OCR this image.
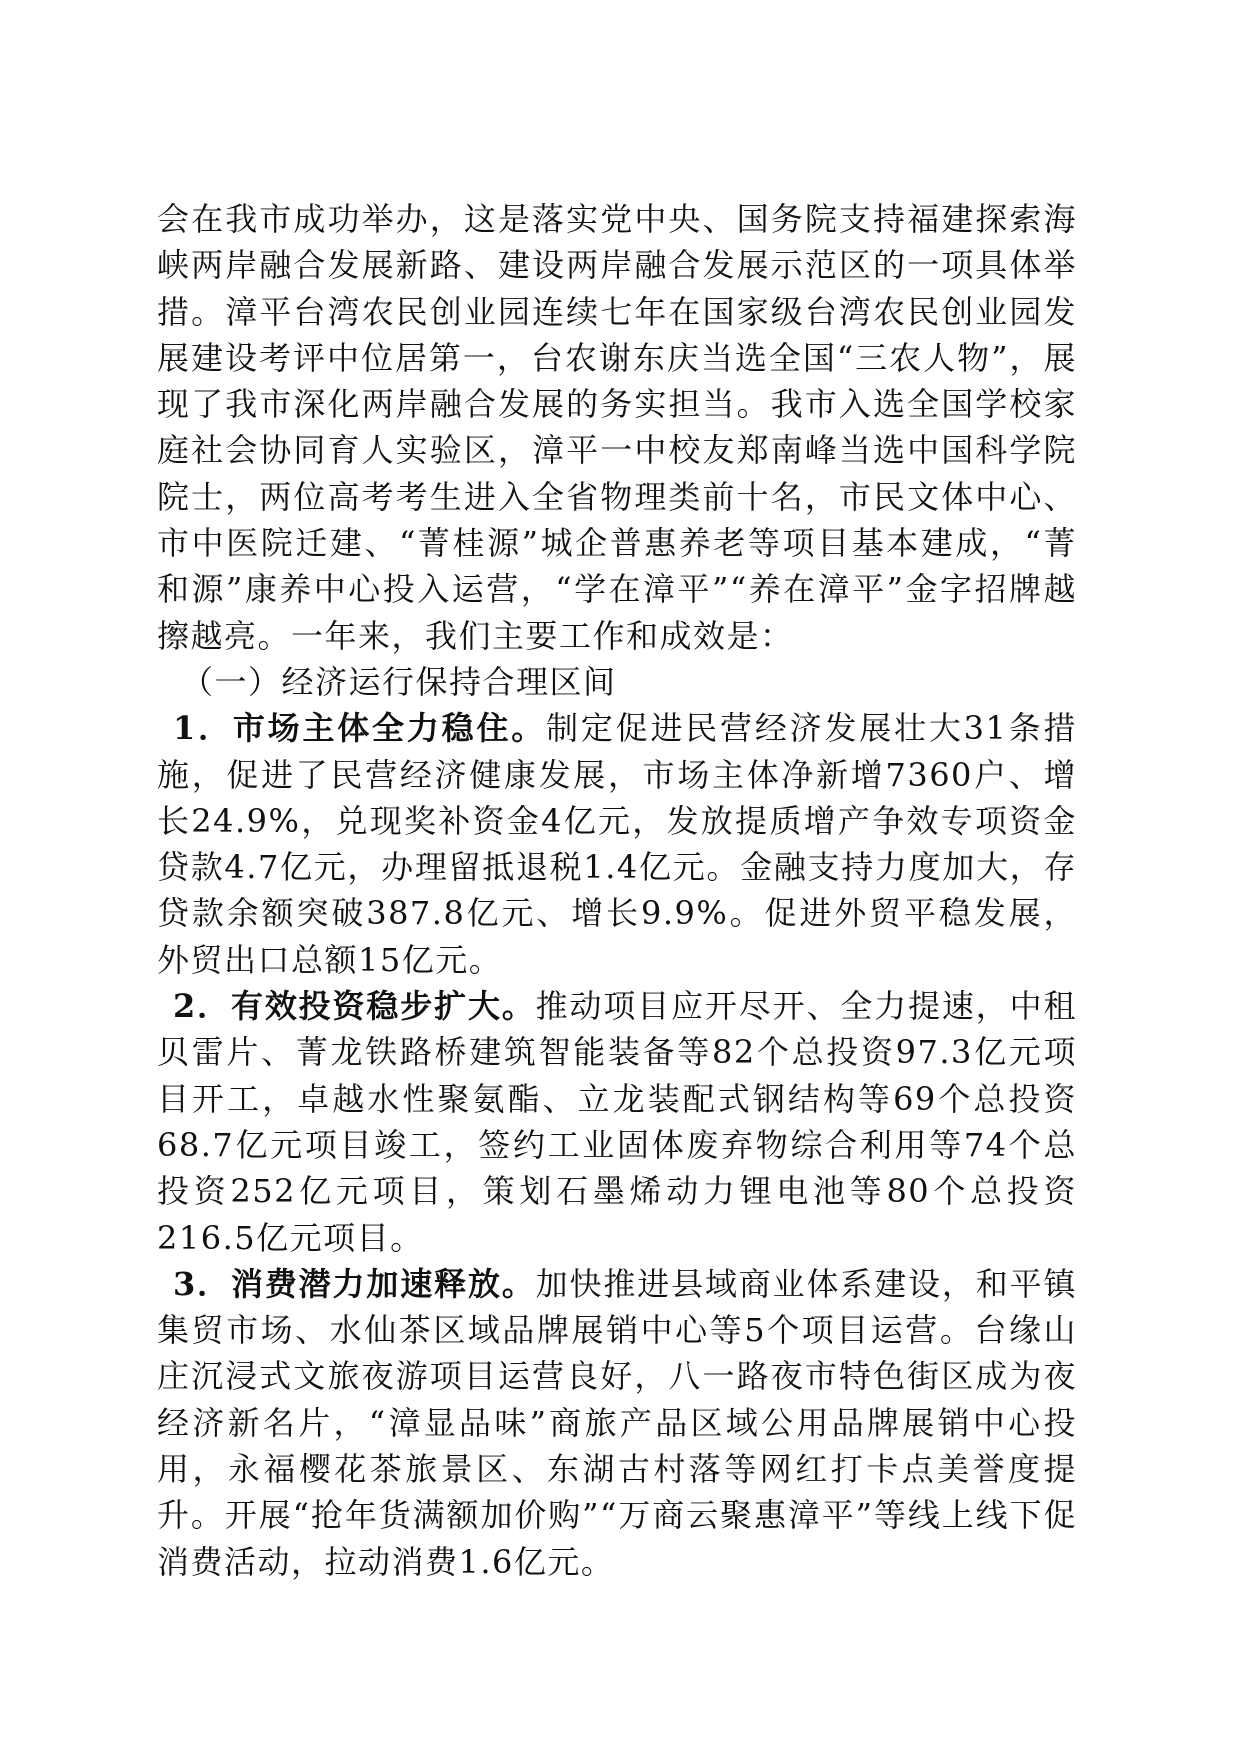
会在我市成功举办，这是落实党中央、国务院支持福建探索海峡两岸融合发展新路、建设两岸融合发展示范区的一项具体举措。漳平台湾农民创业园连续七年在国家级台湾农民创业园发展建设考评中位居第一，台农谢东庆当选全国“三农人物”，展现了我市深化两岸融合发展的务实担当。我市入选全国学校家庭社会协同育人实验区，漳平一中校友郑南峰当选中国科学院院士，两位高考考生进入全省物理类前十名，市民文体中心、市中医院迁建、“菁桂源”城企普惠养老等项目基本建成，“菁和源”康养中心投入运营，“学在漳平”“养在漳平”金字招牌越擦越亮。一年来，我们主要工作和成效是：

（一）经济运行保持合理区间

1．市场主体全力稳住。制定促进民营经济发展壮大31条措施，促进了民营经济健康发展，市场主体净新增7360户、增长24.9%，兑现奖补资金4亿元，发放提质增产争效专项资金贷款4.7亿元，办理留抵退税1.4亿元。金融支持力度加大，存贷款余额突破387.8亿元、增长9.9%。促进外贸平稳发展，外贸出口总额15亿元。

2．有效投资稳步扩大。推动项目应开尽开、全力提速，中租贝雷片、菁龙铁路桥建筑智能装备等82个总投资97.3亿元项目开工，卓越水性聚氨酯、立龙装配式钢结构等69个总投资68.7亿元项目竣工，签约工业固体废弃物综合利用等74个总投资252亿元项目，策划石墨烯动力锂电池等80个总投资216.5亿元项目。

3．消费潜力加速释放。加快推进县域商业体系建设，和平镇集贸市场、水仙茶区域品牌展销中心等5个项目运营。台缘山庄沉浸式文旅夜游项目运营良好，八一路夜市特色街区成为夜经济新名片，“漳显品味”商旅产品区域公用品牌展销中心投用，永福樱花茶旅景区、东湖古村落等网红打卡点美誉度提升。开展“抢年货满额加价购”“万商云聚惠漳平”等线上线下促消费活动，拉动消费1.6亿元。
